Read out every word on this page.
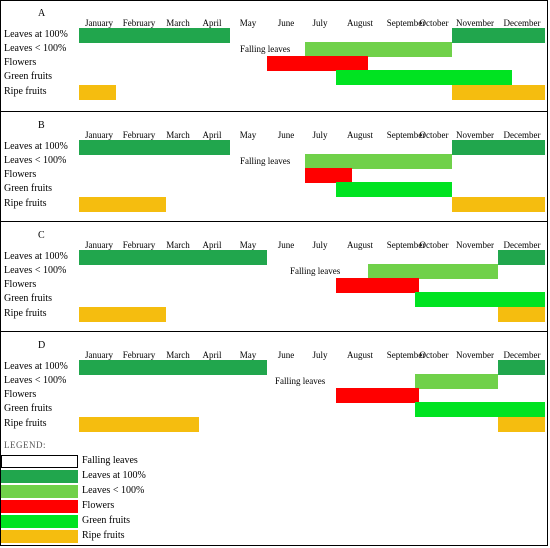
A
January	February	March	April	May	June	July	August	September
October November	December
Leaves at 100%
Leaves < 100%
Flowers
Green fruits
Ripe fruits
Falling leaves
B
January	February	March	April	May	June	July	August	September
October November	December
Leaves at 100%
Leaves < 100%
Flowers
Green fruits
Ripe fruits
Falling leaves
C
January	February	March	April	May	June	July	August	September
October November	December
Leaves at 100%
Leaves < 100%
Flowers
Green fruits
Ripe fruits
Falling leaves
D
January	February	March	April	May	June	July	August	September
October November	December
Leaves at 100%
Leaves < 100%
Flowers
Green fruits
Ripe fruits
Falling leaves
LEGEND:
Falling leaves
Leaves at 100%
Leaves < 100%
Flowers
Green fruits
Ripe fruits
